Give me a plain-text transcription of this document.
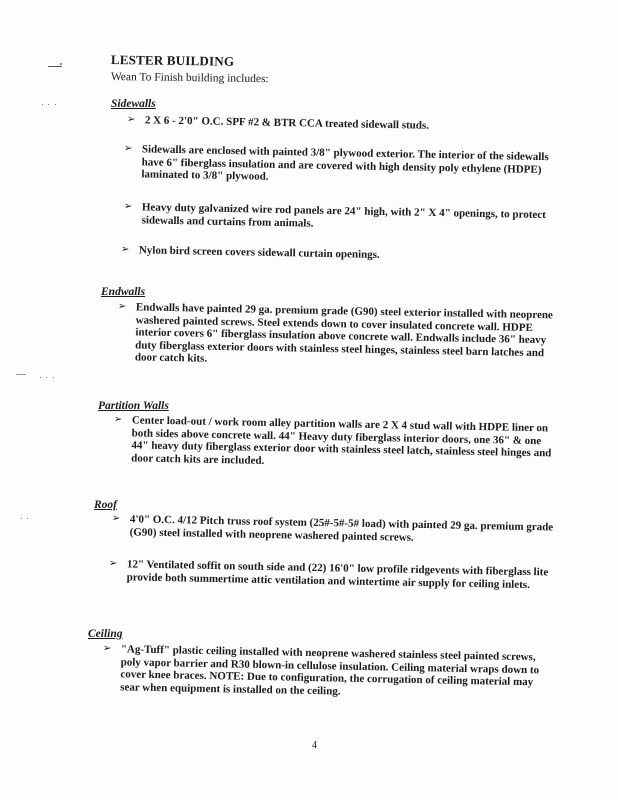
LESTER BUILDING
Wean To Finish building includes:
Sidewalls
➢ 2 X 6 - 2'0" O.C. SPF #2 & BTR CCA treated sidewall studs.
➢ Sidewalls are enclosed with painted 3/8" plywood exterior. The interior of the sidewalls have 6" fiberglass insulation and are covered with high density poly ethylene (HDPE) laminated to 3/8" plywood.
➢ Heavy duty galvanized wire rod panels are 24" high, with 2" X 4" openings, to protect sidewalls and curtains from animals.
➢ Nylon bird screen covers sidewall curtain openings.
Endwalls
➢ Endwalls have painted 29 ga. premium grade (G90) steel exterior installed with neoprene washered painted screws. Steel extends down to cover insulated concrete wall. HDPE interior covers 6" fiberglass insulation above concrete wall. Endwalls include 36" heavy duty fiberglass exterior doors with stainless steel hinges, stainless steel barn latches and door catch kits.
Partition Walls
➢ Center load-out / work room alley partition walls are 2 X 4 stud wall with HDPE liner on both sides above concrete wall. 44" Heavy duty fiberglass interior doors, one 36" & one 44" heavy duty fiberglass exterior door with stainless steel latch, stainless steel hinges and door catch kits are included.
Roof
➢ 4'0" O.C. 4/12 Pitch truss roof system (25#-5#-5# load) with painted 29 ga. premium grade (G90) steel installed with neoprene washered painted screws.
➢ 12" Ventilated soffit on south side and (22) 16'0" low profile ridgevents with fiberglass lite provide both summertime attic ventilation and wintertime air supply for ceiling inlets.
Ceiling
➢ "Ag-Tuff" plastic ceiling installed with neoprene washered stainless steel painted screws, poly vapor barrier and R30 blown-in cellulose insulation. Ceiling material wraps down to cover knee braces. NOTE: Due to configuration, the corrugation of ceiling material may sear when equipment is installed on the ceiling.
4
